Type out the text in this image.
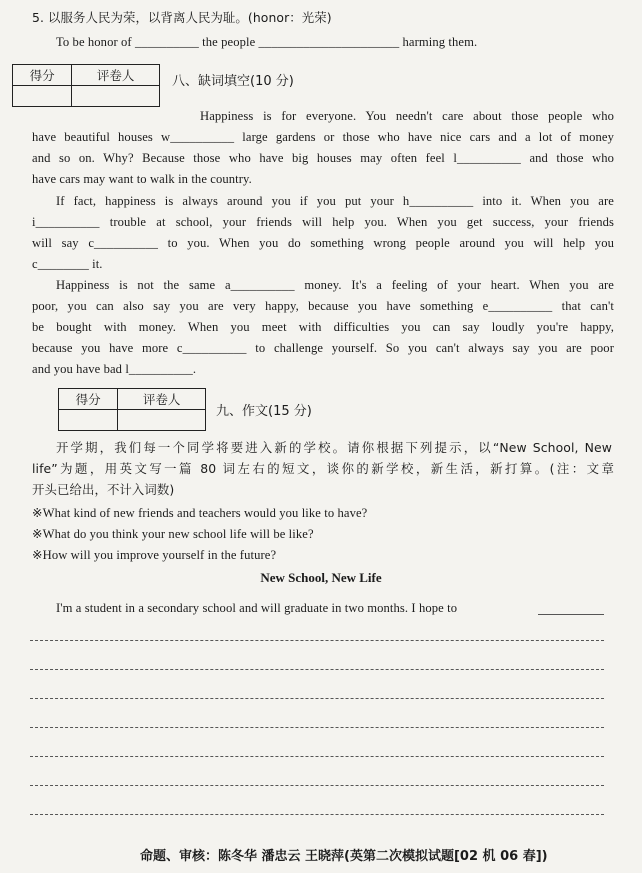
5. 以服务人民为荣，以背离人民为耻。(honor：光荣)
To be honor of __________ the people ______________________ harming them.
得分	评卷人
		八、缺词填空(10 分)
Happiness is for everyone. You needn't care about those people who
have beautiful houses w__________ large gardens or those who have nice cars and a lot of money
and so on. Why? Because those who have big houses may often feel l__________ and those who
have cars may want to walk in the country.
If fact, happiness is always around you if you put your h__________ into it. When you are
i__________ trouble at school, your friends will help you. When you get success, your friends
will say c__________ to you. When you do something wrong people around you will help you
c________ it.
Happiness is not the same a__________ money. It's a feeling of your heart. When you are
poor, you can also say you are very happy, because you have something e__________ that can't
be bought with money. When you meet with difficulties you can say loudly you're happy,
because you have more c__________ to challenge yourself. So you can't always say you are poor
and you have bad l__________.
得分	评卷人

九、作文(15 分)
开学期，我们每一个同学将要进入新的学校。请你根据下列提示，以“New School, New
life”为题，用英文写一篇 80 词左右的短文，谈你的新学校，新生活，新打算。(注：文章
开头已给出，不计入词数)
※What kind of new friends and teachers would you like to have?
※What do you think your new school life will be like?
※How will you improve yourself in the future?
New School, New Life
I'm a student in a secondary school and will graduate in two months. I hope to
命题、审核：陈冬华 潘忠云 王晓萍(英第二次模拟试题[02 机 06 春])
